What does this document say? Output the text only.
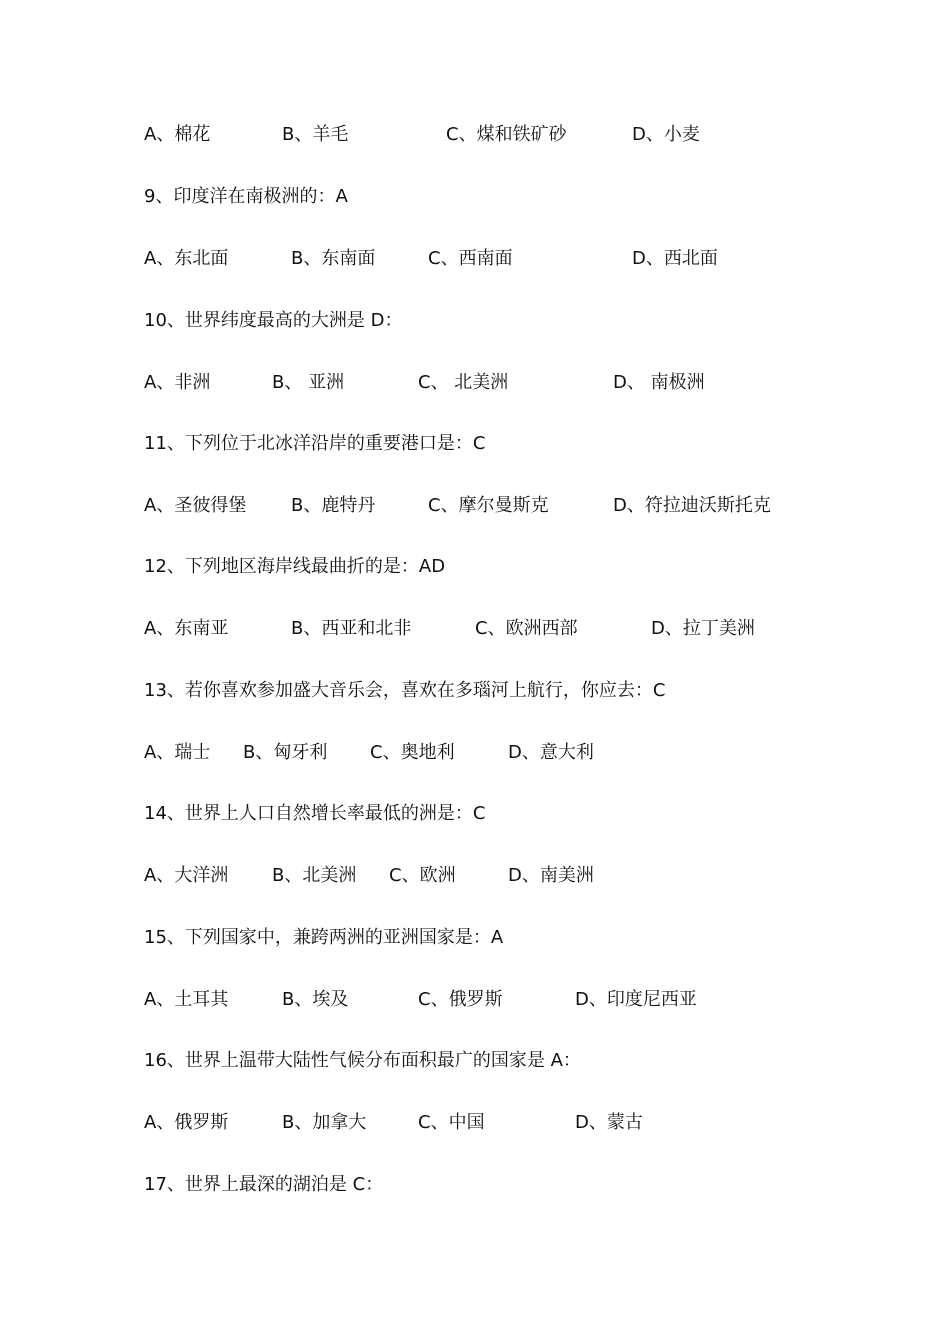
A、棉花	B、羊毛	C、煤和铁矿砂	D、小麦
9、印度洋在南极洲的：A
A、东北面	B、东南面	C、西南面	D、西北面
10、世界纬度最高的大洲是 D：
A、非洲	B、 亚洲	C、 北美洲	D、 南极洲
11、下列位于北冰洋沿岸的重要港口是：C
A、圣彼得堡 B、鹿特丹	C、摩尔曼斯克	D、符拉迪沃斯托克
12、下列地区海岸线最曲折的是：AD
A、东南亚	B、西亚和北非	C、欧洲西部	D、拉丁美洲
13、若你喜欢参加盛大音乐会，喜欢在多瑙河上航行，你应去：C
A、瑞士 B、匈牙利 C、奥地利	D、意大利
14、世界上人口自然增长率最低的洲是：C
A、大洋洲 B、北美洲 C、欧洲	D、南美洲
15、下列国家中，兼跨两洲的亚洲国家是：A
A、土耳其	B、埃及	C、俄罗斯	D、印度尼西亚
16、世界上温带大陆性气候分布面积最广的国家是 A：
A、俄罗斯	B、加拿大	C、中国	D、蒙古
17、世界上最深的湖泊是 C：
